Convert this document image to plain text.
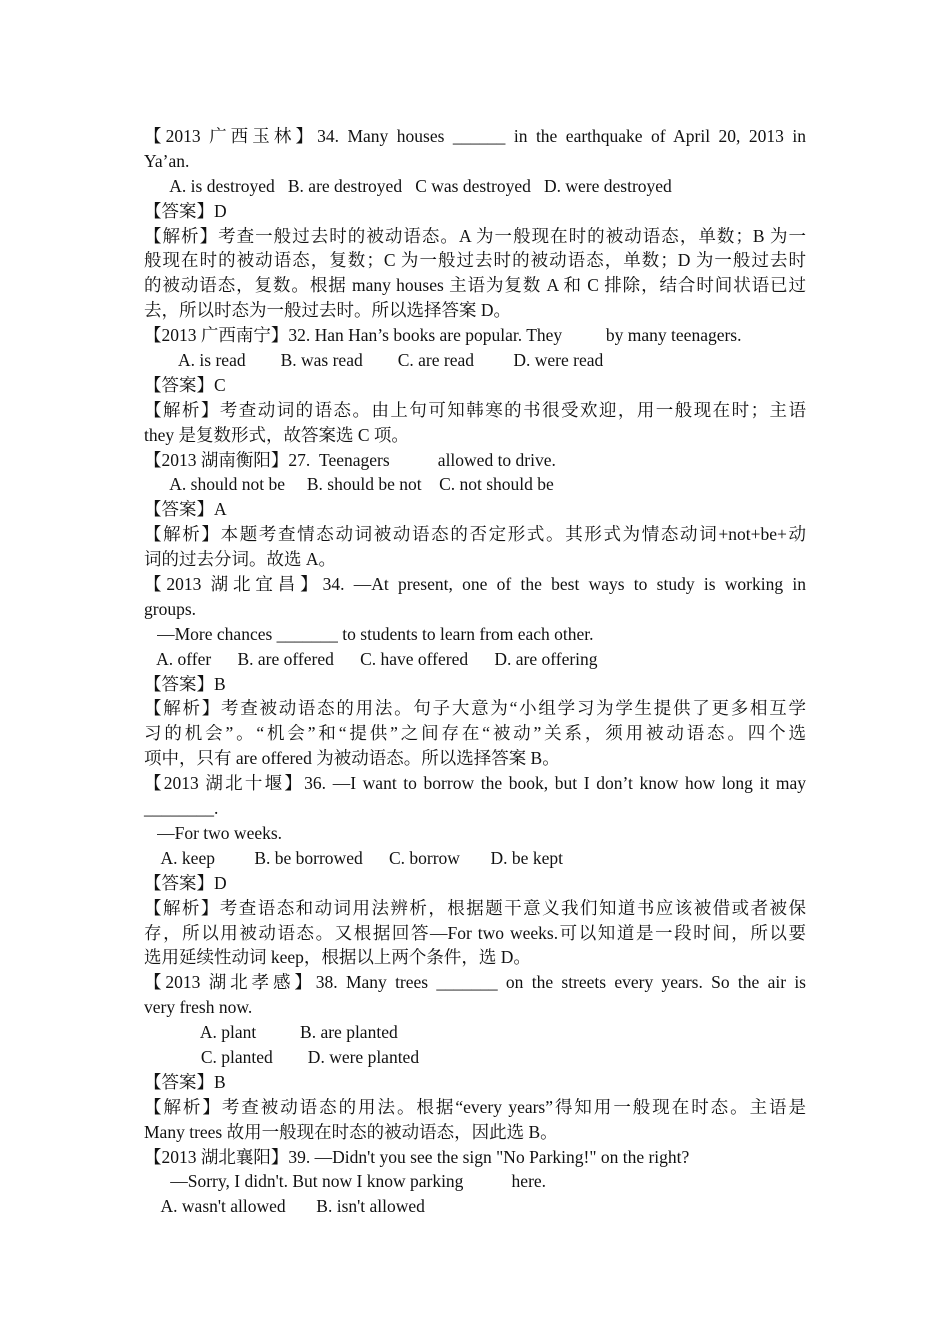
【2013 广西玉林】34. Many houses ______ in the earthquake of April 20, 2013 in
Ya’an.
A. is destroyed   B. are destroyed   C was destroyed   D. were destroyed
【答案】D
【解析】考查一般过去时的被动语态。A 为一般现在时的被动语态，单数；B 为一
般现在时的被动语态，复数；C 为一般过去时的被动语态，单数；D 为一般过去时
的被动语态，复数。根据 many houses 主语为复数 A 和 C 排除，结合时间状语已过
去，所以时态为一般过去时。所以选择答案 D。
【2013 广西南宁】32. Han Han’s books are popular. They          by many teenagers.
A. is read        B. was read        C. are read         D. were read
【答案】C
【解析】考查动词的语态。由上句可知韩寒的书很受欢迎，用一般现在时；主语
they 是复数形式，故答案选 C 项。
【2013 湖南衡阳】27.  Teenagers           allowed to drive.
A. should not be     B. should be not    C. not should be
【答案】A
【解析】本题考查情态动词被动语态的否定形式。其形式为情态动词+not+be+动
词的过去分词。故选 A。
【2013 湖北宜昌】34. —At present, one of the best ways to study is working in
groups.
—More chances _______ to students to learn from each other.
A. offer      B. are offered      C. have offered      D. are offering
【答案】B
【解析】考查被动语态的用法。句子大意为“小组学习为学生提供了更多相互学
习的机会”。“机会”和“提供”之间存在“被动”关系，须用被动语态。四个选
项中，只有 are offered 为被动语态。所以选择答案 B。
【2013 湖北十堰】36. —I want to borrow the book, but I don’t know how long it may
________.
—For two weeks.
A. keep         B. be borrowed      C. borrow       D. be kept
【答案】D
【解析】考查语态和动词用法辨析，根据题干意义我们知道书应该被借或者被保
存，所以用被动语态。又根据回答—For two weeks.可以知道是一段时间，所以要
选用延续性动词 keep，根据以上两个条件，选 D。
【2013 湖北孝感】38. Many trees _______ on the streets every years. So the air is
very fresh now.
A. plant          B. are planted
C. planted        D. were planted
【答案】B
【解析】考查被动语态的用法。根据“every years”得知用一般现在时态。主语是
Many trees 故用一般现在时态的被动语态，因此选 B。
【2013 湖北襄阳】39. —Didn't you see the sign "No Parking!" on the right?
—Sorry, I didn't. But now I know parking           here.
A. wasn't allowed       B. isn't allowed
